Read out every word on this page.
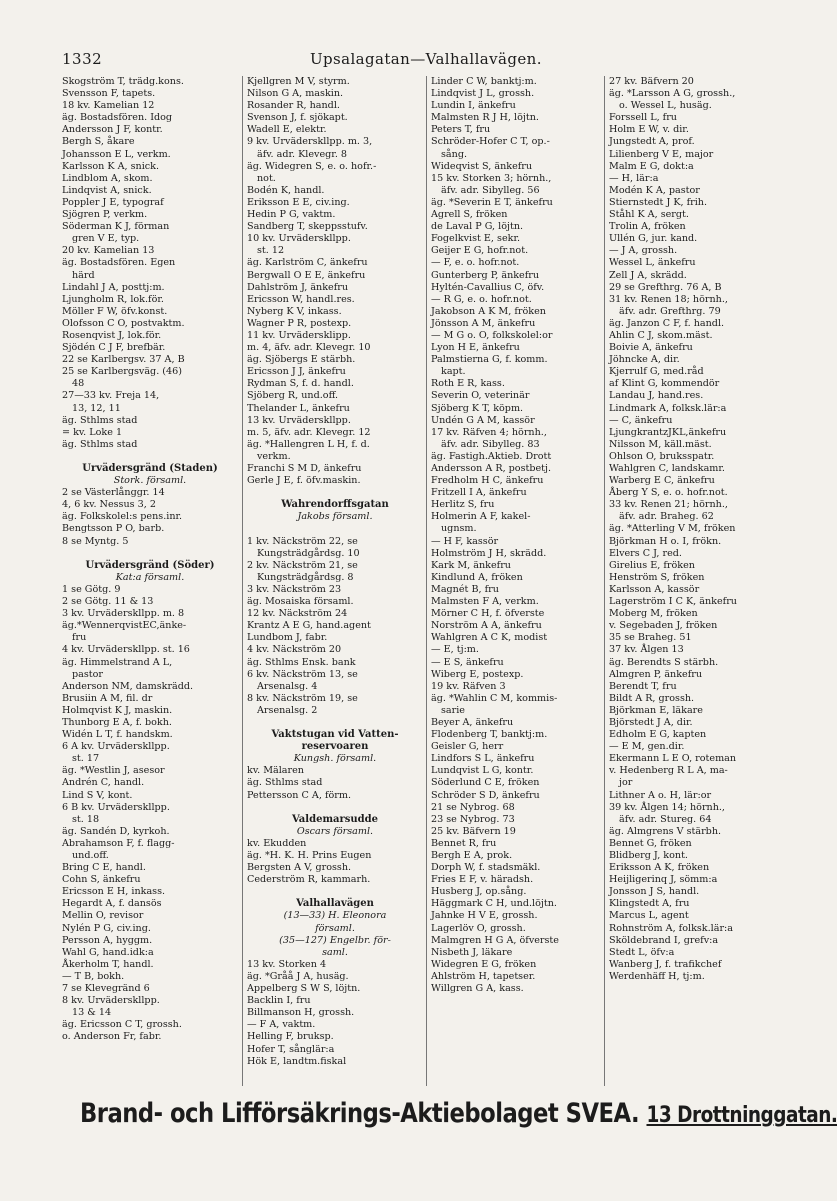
1332	Upsalagatan—Valhallavägen.
Skogström T, trädg.kons.
Svensson F, tapets.
18 kv. Kamelian 12
äg. Bostadsfören. Idog
Andersson J F, kontr.
Bergh S, åkare
Johansson E L, verkm.
Karlsson K A, snick.
Lindblom A, skom.
Lindqvist A, snick.
Poppler J E, typograf
Sjögren P, verkm.
Söderman K J, förman
gren V E, typ.
20 kv. Kamelian 13
äg. Bostadsfören. Egen
härd
Lindahl J A, posttj:m.
Ljungholm R, lok.för.
Möller F W, öfv.konst.
Olofsson C O, postvaktm.
Rosenqvist J, lok.för.
Sjödén C J F, brefbär.
22 se Karlbergsv. 37 A, B
25 se Karlbergsväg. (46)
48
27—33 kv. Freja 14,
13, 12, 11
äg. Sthlms stad
= kv. Loke 1
äg. Sthlms stad

Urvädersgränd (Staden)
Stork. församl.
2 se Västerlånggr. 14
4, 6 kv. Nessus 3, 2
äg. Folkskolel:s pens.inr.
Bengtsson P O, barb.
8 se Myntg. 5

Urvädersgränd (Söder)
Kat:a församl.
1 se Götg. 9
2 se Götg. 11 & 13
3 kv. Urväderskllpp. m. 8
äg.*WennerqvistEC,änke-
fru
4 kv. Urväderskllpp. st. 16
äg. Himmelstrand A L,
pastor
Anderson NM, damskrädd.
Brusiin A M, fil. dr
Holmqvist K J, maskin.
Thunborg E A, f. bokh.
Widén L T, f. handskm.
6 A kv. Urväderskllpp.
st. 17
äg. *Westlin J, asesor
Andrén C, handl.
Lind S V, kont.
6 B kv. Urväderskllpp.
st. 18
äg. Sandén D, kyrkoh.
Abrahamson F, f. flagg-
und.off.
Bring C E, handl.
Cohn S, änkefru
Ericsson E H, inkass.
Hegardt A, f. dansös
Mellin O, revisor
Nylén P G, civ.ing.
Persson A, hyggm.
Wahl G, hand.idk:a
Åkerholm T, handl.
— T B, bokh.
7 se Klevegränd 6
8 kv. Urväderskllpp.
13 & 14
äg. Ericsson C T, grossh.
o. Anderson Fr, fabr.
Kjellgren M V, styrm.
Nilson G A, maskin.
Rosander R, handl.
Svenson J, f. sjökapt.
Wadell E, elektr.
9 kv. Urväderskllpp. m. 3,
äfv. adr. Klevegr. 8
äg. Widegren S, e. o. hofr.-
not.
Bodén K, handl.
Eriksson E E, civ.ing.
Hedin P G, vaktm.
Sandberg T, skeppsstufv.
10 kv. Urväderskllpp.
st. 12
äg. Karlström C, änkefru
Bergwall O E E, änkefru
Dahlström J, änkefru
Ericsson W, handl.res.
Nyberg K V, inkass.
Wagner P R, postexp.
11 kv. Urvädersklipp.
m. 4, äfv. adr. Klevegr. 10
äg. Sjöbergs E stärbh.
Ericsson J J, änkefru
Rydman S, f. d. handl.
Sjöberg R, und.off.
Thelander L, änkefru
13 kv. Urväderskllpp.
m. 5, äfv. adr. Klevegr. 12
äg. *Hallengren L H, f. d.
verkm.
Franchi S M D, änkefru
Gerle J E, f. öfv.maskin.

Wahrendorffsgatan
Jakobs församl.

1 kv. Näckström 22, se
Kungsträdgårdsg. 10
2 kv. Näckström 21, se
Kungsträdgårdsg. 8
3 kv. Näckström 23
äg. Mosaiska församl.
12 kv. Näckström 24
Krantz A E G, hand.agent
Lundbom J, fabr.
4 kv. Näckström 20
äg. Sthlms Ensk. bank
6 kv. Näckström 13, se
Arsenalsg. 4
8 kv. Näckström 19, se
Arsenalsg. 2

Vaktstugan vid Vatten-
reservoaren
Kungsh. församl.
kv. Mälaren
äg. Sthlms stad
Pettersson C A, förm.

Valdemarsudde
Oscars församl.
kv. Ekudden
äg. *H. K. H. Prins Eugen
Bergsten A V, grossh.
Cederström R, kammarh.

Valhallavägen
(13—33) H. Eleonora
församl.
(35—127) Engelbr. för-
saml.
13 kv. Storken 4
äg. *Gråå J A, husäg.
Appelberg S W S, löjtn.
Backlin I, fru
Billmanson H, grossh.
— F A, vaktm.
Helling F, bruksp.
Hofer T, sånglär:a
Hök E, landtm.fiskal
Linder C W, banktj:m.
Lindqvist J L, grossh.
Lundin I, änkefru
Malmsten R J H, löjtn.
Peters T, fru
Schröder-Hofer C T, op.-
sång.
Wideqvist S, änkefru
15 kv. Storken 3; hörnh.,
äfv. adr. Sibylleg. 56
äg. *Severin E T, änkefru
Agrell S, fröken
de Laval P G, löjtn.
Fogelkvist E, sekr.
Geijer E G, hofr.not.
— F, e. o. hofr.not.
Gunterberg P, änkefru
Hyltén-Cavallius C, öfv.
— R G, e. o. hofr.not.
Jakobson A K M, fröken
Jönsson A M, änkefru
— M G o. O, folkskolel:or
Lyon H E, änkefru
Palmstierna G, f. komm.
kapt.
Roth E R, kass.
Severin O, veterinär
Sjöberg K T, köpm.
Undén G A M, kassör
17 kv. Räfven 4; hörnh.,
äfv. adr. Sibylleg. 83
äg. Fastigh.Aktieb. Drott
Andersson A R, postbetj.
Fredholm H C, änkefru
Fritzell I A, änkefru
Herlitz S, fru
Holmerin A F, kakel-
ugnsm.
— H F, kassör
Holmström J H, skrädd.
Kark M, änkefru
Kindlund A, fröken
Magnét B, fru
Malmsten F A, verkm.
Mörner C H, f. öfverste
Norström A A, änkefru
Wahlgren A C K, modist
— E, tj:m.
— E S, änkefru
Wiberg E, postexp.
19 kv. Räfven 3
äg. *Wahlin C M, kommis-
sarie
Beyer A, änkefru
Flodenberg T, banktj:m.
Geisler G, herr
Lindfors S L, änkefru
Lundqvist L G, kontr.
Söderlund C E, fröken
Schröder S D, änkefru
21 se Nybrog. 68
23 se Nybrog. 73
25 kv. Bäfvern 19
Bennet R, fru
Bergh E A, prok.
Dorph W, f. stadsmäkl.
Fries E F, v. häradsh.
Husberg J, op.sång.
Häggmark C H, und.löjtn.
Jahnke H V E, grossh.
Lagerlöv O, grossh.
Malmgren H G A, öfverste
Nisbeth J, läkare
Widegren E G, fröken
Ahlström H, tapetser.
Willgren G A, kass.
27 kv. Bäfvern 20
äg. *Larsson A G, grossh.,
o. Wessel L, husäg.
Forssell L, fru
Holm E W, v. dir.
Jungstedt A, prof.
Lilienberg V E, major
Malm E G, dokt:a
— H, lär:a
Modén K A, pastor
Stiernstedt J K, frih.
Ståhl K A, sergt.
Trolin A, fröken
Ullén G, jur. kand.
— J A, grossh.
Wessel L, änkefru
Zell J A, skrädd.
29 se Grefthrg. 76 A, B
31 kv. Renen 18; hörnh.,
äfv. adr. Grefthrg. 79
äg. Janzon C F, f. handl.
Ahlin C J, skom.mäst.
Boivie A, änkefru
Jöhncke A, dir.
Kjerrulf G, med.råd
af Klint G, kommendör
Landau J, hand.res.
Lindmark A, folksk.lär:a
— C, änkefru
LjungkrantzJKL,änkefru
Nilsson M, käll.mäst.
Ohlson O, bruksspatr.
Wahlgren C, landskamr.
Warberg E C, änkefru
Åberg Y S, e. o. hofr.not.
33 kv. Renen 21; hörnh.,
äfv. adr. Braheg. 62
äg. *Atterling V M, fröken
Björkman H o. I, frökn.
Elvers C J, red.
Girelius E, fröken
Henström S, fröken
Karlsson A, kassör
Lagerström I C K, änkefru
Moberg M, fröken
v. Segebaden J, fröken
35 se Braheg. 51
37 kv. Ålgen 13
äg. Berendts S stärbh.
Almgren P, änkefru
Berendt T, fru
Bildt A R, grossh.
Björkman E, läkare
Björstedt J A, dir.
Edholm E G, kapten
— E M, gen.dir.
Ekermann L E O, roteman
v. Hedenberg R L A, ma-
jor
Lithner A o. H, lär:or
39 kv. Ålgen 14; hörnh.,
äfv. adr. Stureg. 64
äg. Almgrens V stärbh.
Bennet G, fröken
Blidberg J, kont.
Eriksson A K, fröken
Heijligerinq J, sömm:a
Jonsson J S, handl.
Klingstedt A, fru
Marcus L, agent
Rohnström A, folksk.lär:a
Sköldebrand I, grefv:a
Stedt L, öfv:a
Wanberg J, f. trafikchef
Werdenhäff H, tj:m.
Brand- och Lifförsäkrings-Aktiebolaget SVEA. 13 Drottninggatan.
